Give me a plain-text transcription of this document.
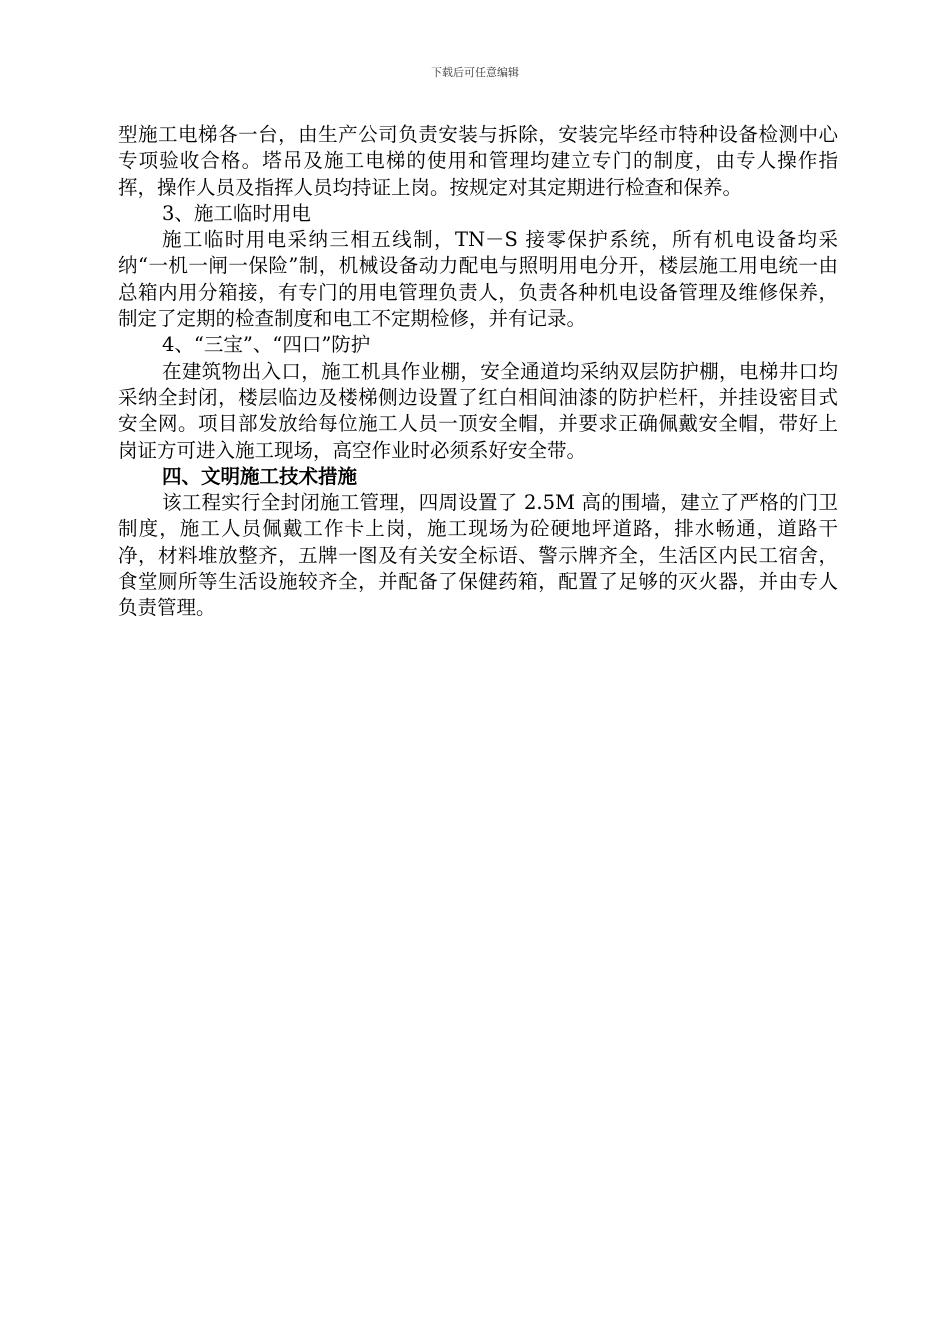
下载后可任意编辑

型施工电梯各一台，由生产公司负责安装与拆除，安装完毕经市特种设备检测中心专项验收合格。塔吊及施工电梯的使用和管理均建立专门的制度，由专人操作指挥，操作人员及指挥人员均持证上岗。按规定对其定期进行检查和保养。

3、施工临时用电

施工临时用电采纳三相五线制，TN－S 接零保护系统，所有机电设备均采纳“一机一闸一保险”制，机械设备动力配电与照明用电分开，楼层施工用电统一由总箱内用分箱接，有专门的用电管理负责人，负责各种机电设备管理及维修保养，制定了定期的检查制度和电工不定期检修，并有记录。

4、“三宝”、“四口”防护

在建筑物出入口，施工机具作业棚，安全通道均采纳双层防护棚，电梯井口均采纳全封闭，楼层临边及楼梯侧边设置了红白相间油漆的防护栏杆，并挂设密目式安全网。项目部发放给每位施工人员一顶安全帽，并要求正确佩戴安全帽，带好上岗证方可进入施工现场，高空作业时必须系好安全带。

四、文明施工技术措施

该工程实行全封闭施工管理，四周设置了 2.5M 高的围墙，建立了严格的门卫制度，施工人员佩戴工作卡上岗，施工现场为砼硬地坪道路，排水畅通，道路干净，材料堆放整齐，五牌一图及有关安全标语、警示牌齐全，生活区内民工宿舍，食堂厕所等生活设施较齐全，并配备了保健药箱，配置了足够的灭火器，并由专人负责管理。
